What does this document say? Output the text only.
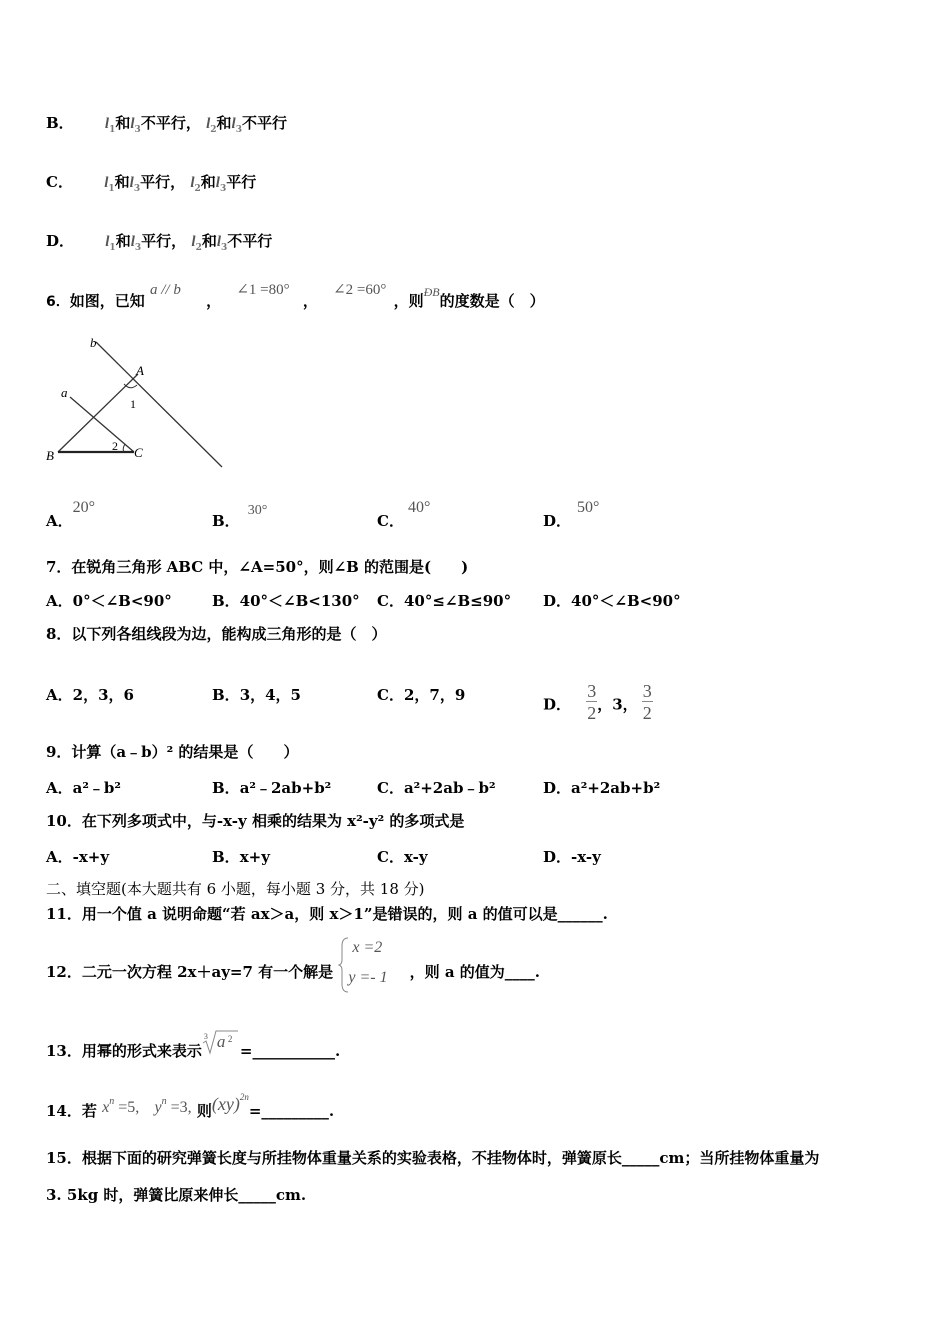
B． $l_1$和$l_3$不平行， $l_2$和$l_3$不平行
C． $l_1$和$l_3$平行， $l_2$和$l_3$平行
D． $l_1$和$l_3$平行， $l_2$和$l_3$不平行
6．如图，已知 a // b ， ∠1 =80° ， ∠2 =60° ，则$^{ÐB}$的度数是（　）
b
a
A
1
B
2 C
A．20°
B．30°
C．40°
D．50°
7．在锐角三角形 ABC 中，∠A=50°，则∠B 的范围是(　　)
A．0°＜∠B<90°	B．40°＜∠B<130° C．40°≤∠B≤90° D．40°＜∠B<90°
8．以下列各组线段为边，能构成三角形的是（　）
A．2，3，6	B．3，4，5	C．2，7，9
D． $\frac{3}{2}$ ，3， $\frac{3}{2}$
9．计算（a﹣b）² 的结果是（　　）
A．a²﹣b²	B．a²﹣2ab+b²	C．a²+2ab﹣b²	D．a²+2ab+b²
10．在下列多项式中，与-x-y 相乘的结果为 x²-y² 的多项式是
A．-x+y	B．x+y	C．x-y	D．-x-y
二、填空题(本大题共有 6 小题，每小题 3 分，共 18 分)
11．用一个值 a 说明命题“若 ax＞a，则 x＞1”是错误的，则 a 的值可以是______.
12．二元一次方程 2x＋ay=7 有一个解是
x =2
y =- 1 ，则 a 的值为____.
13．用幂的形式来表示
3 a 2
=___________.
14．若 $x^n =5$, $y^n =3$, 则(xy)$^{2n}$=_________.
15．根据下面的研究弹簧长度与所挂物体重量关系的实验表格，不挂物体时，弹簧原长_____cm；当所挂物体重量为
3. 5kg 时，弹簧比原来伸长_____cm.
